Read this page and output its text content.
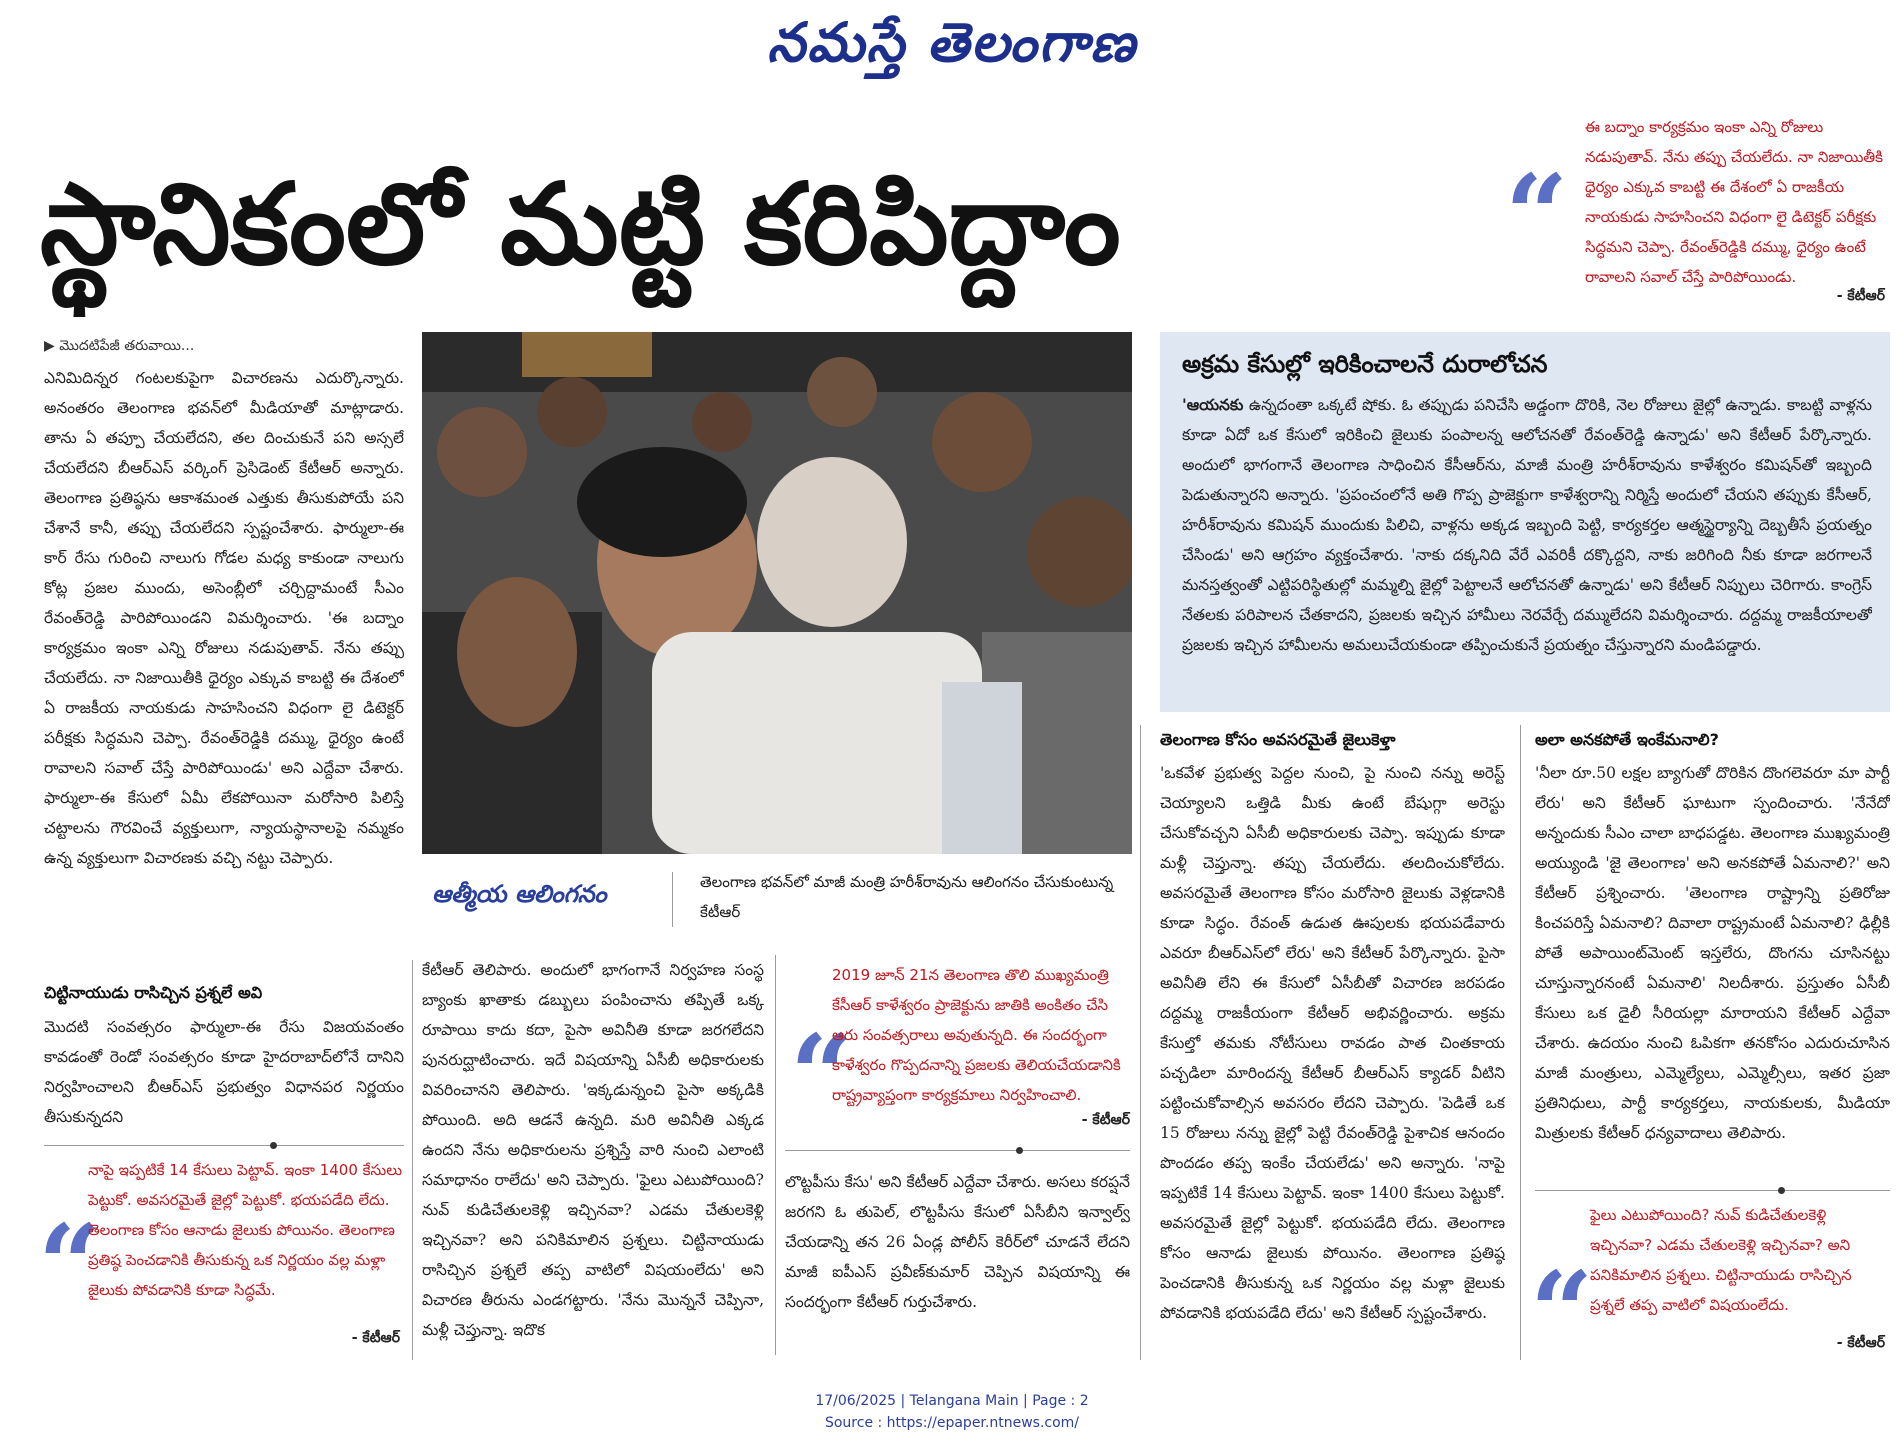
నమస్తే తెలంగాణ
స్థానికంలో మట్టి కరిపిద్దాం	“
ఈ బద్నాం కార్యక్రమం ఇంకా ఎన్ని రోజులు నడుపుతావ్. నేను తప్పు చేయలేదు. నా నిజాయితీకి ధైర్యం ఎక్కువ కాబట్టి ఈ దేశంలో ఏ రాజకీయ నాయకుడు సాహసించని విధంగా లై డిటెక్టర్ పరీక్షకు సిద్ధమని చెప్పా. రేవంత్‌రెడ్డికి దమ్ము, ధైర్యం ఉంటే రావాలని సవాల్ చేస్తే పారిపోయిండు.
- కేటీఆర్
▶ మొదటిపేజీ తరువాయి...
ఎనిమిదిన్నర గంటలకుపైగా విచారణను ఎదుర్కొన్నారు. అనంతరం తెలంగాణ భవన్‌లో మీడియాతో మాట్లాడారు. తాను ఏ తప్పూ చేయలేదని, తల దించుకునే పని అస్సలే చేయలేదని బీఆర్‌ఎస్ వర్కింగ్ ప్రెసిడెంట్ కేటీఆర్ అన్నారు. తెలంగాణ ప్రతిష్ఠను ఆకాశమంత ఎత్తుకు తీసుకుపోయే పని చేశానే కానీ, తప్పు చేయలేదని స్పష్టంచేశారు. ఫార్ములా-ఈ కార్ రేసు గురించి నాలుగు గోడల మధ్య కాకుండా నాలుగు కోట్ల ప్రజల ముందు, అసెంబ్లీలో చర్చిద్దామంటే సీఎం రేవంత్‌రెడ్డి పారిపోయిండని విమర్శించారు. 'ఈ బద్నాం కార్యక్రమం ఇంకా ఎన్ని రోజులు నడుపుతావ్. నేను తప్పు చేయలేదు. నా నిజాయితీకి ధైర్యం ఎక్కువ కాబట్టి ఈ దేశంలో ఏ రాజకీయ నాయకుడు సాహసించని విధంగా లై డిటెక్టర్ పరీక్షకు సిద్ధమని చెప్పా. రేవంత్‌రెడ్డికి దమ్ము, ధైర్యం ఉంటే రావాలని సవాల్ చేస్తే పారిపోయిండు' అని ఎద్దేవా చేశారు. ఫార్ములా-ఈ కేసులో ఏమీ లేకపోయినా మరోసారి పిలిస్తే చట్టాలను గౌరవించే వ్యక్తులుగా, న్యాయస్థానాలపై నమ్మకం ఉన్న వ్యక్తులుగా విచారణకు వచ్చి నట్టు చెప్పారు.
చిట్టినాయుడు రాసిచ్చిన ప్రశ్నలే అవి
మొదటి సంవత్సరం ఫార్ములా-ఈ రేసు విజయవంతం కావడంతో రెండో సంవత్సరం కూడా హైదరాబాద్‌లోనే దానిని నిర్వహించాలని బీఆర్‌ఎస్ ప్రభుత్వం విధానపర నిర్ణయం తీసుకున్నదని
“
నాపై ఇప్పటికే 14 కేసులు పెట్టావ్. ఇంకా 1400 కేసులు పెట్టుకో. అవసరమైతే జైల్లో పెట్టుకో. భయపడేది లేదు. తెలంగాణ కోసం ఆనాడు జైలుకు పోయినం. తెలంగాణ ప్రతిష్ఠ పెంచడానికి తీసుకున్న ఒక నిర్ణయం వల్ల మళ్లా జైలుకు పోవడానికి కూడా సిద్ధమే.
- కేటీఆర్
ఆత్మీయ ఆలింగనం	తెలంగాణ భవన్‌లో మాజీ మంత్రి హరీశ్‌రావును ఆలింగనం చేసుకుంటున్న కేటీఆర్
కేటీఆర్ తెలిపారు. అందులో భాగంగానే నిర్వహణ సంస్థ బ్యాంకు ఖాతాకు డబ్బులు పంపించాను తప్పితే ఒక్క రూపాయి కాదు కదా, పైసా అవినీతి కూడా జరగలేదని పునరుద్ఘాటించారు. ఇదే విషయాన్ని ఏసీబీ అధికారులకు వివరించానని తెలిపారు. 'ఇక్కడున్నంచి పైసా అక్కడికి పోయింది. అది ఆడనే ఉన్నది. మరి అవినీతి ఎక్కడ ఉందని నేను అధికారులను ప్రశ్నిస్తే వారి నుంచి ఎలాంటి సమాధానం రాలేదు' అని చెప్పారు. 'ఫైలు ఎటుపోయింది? నువ్ కుడిచేతులకెళ్లి ఇచ్చినవా? ఎడమ చేతులకెళ్లి ఇచ్చినవా? అని పనికిమాలిన ప్రశ్నలు. చిట్టినాయుడు రాసిచ్చిన ప్రశ్నలే తప్ప వాటిలో విషయంలేదు' అని విచారణ తీరును ఎండగట్టారు. 'నేను మొన్ననే చెప్పినా, మళ్లీ చెప్తున్నా. ఇదొక
“
2019 జూన్ 21న తెలంగాణ తొలి ముఖ్యమంత్రి కేసీఆర్ కాళేశ్వరం ప్రాజెక్టును జాతికి అంకితం చేసి ఆరు సంవత్సరాలు అవుతున్నది. ఈ సందర్భంగా కాళేశ్వరం గొప్పదనాన్ని ప్రజలకు తెలియచేయడానికి రాష్ట్రవ్యాప్తంగా కార్యక్రమాలు నిర్వహించాలి.
- కేటీఆర్
లొట్టపీసు కేసు' అని కేటీఆర్ ఎద్దేవా చేశారు. అసలు కరప్షనే జరగని ఓ తుపెల్, లొట్టపీసు కేసులో ఏసీబీని ఇన్వాల్వ్ చేయడాన్ని తన 26 ఏండ్ల పోలీస్ కెరీర్‌లో చూడనే లేదని మాజీ ఐపీఎస్ ప్రవీణ్‌కుమార్ చెప్పిన విషయాన్ని ఈ సందర్భంగా కేటీఆర్ గుర్తుచేశారు.
అక్రమ కేసుల్లో ఇరికించాలనే దురాలోచన
'ఆయనకు ఉన్నదంతా ఒక్కటే షోకు. ఓ తప్పుడు పనిచేసి అడ్డంగా దొరికి, నెల రోజులు జైల్లో ఉన్నాడు. కాబట్టి వాళ్లను కూడా ఏదో ఒక కేసులో ఇరికించి జైలుకు పంపాలన్న ఆలోచనతో రేవంత్‌రెడ్డి ఉన్నాడు' అని కేటీఆర్ పేర్కొన్నారు. అందులో భాగంగానే తెలంగాణ సాధించిన కేసీఆర్‌ను, మాజీ మంత్రి హరీశ్‌రావును కాళేశ్వరం కమిషన్‌తో ఇబ్బంది పెడుతున్నారని అన్నారు. 'ప్రపంచంలోనే అతి గొప్ప ప్రాజెక్టుగా కాళేశ్వరాన్ని నిర్మిస్తే అందులో చేయని తప్పుకు కేసీఆర్, హరీశ్‌రావును కమిషన్ ముందుకు పిలిచి, వాళ్లను అక్కడ ఇబ్బంది పెట్టి, కార్యకర్తల ఆత్మస్థైర్యాన్ని దెబ్బతీసే ప్రయత్నం చేసిండు' అని ఆగ్రహం వ్యక్తంచేశారు. 'నాకు దక్కనిది వేరే ఎవరికీ దక్కొద్దని, నాకు జరిగింది నీకు కూడా జరగాలనే మనస్తత్వంతో ఎట్టిపరిస్థితుల్లో మమ్మల్ని జైల్లో పెట్టాలనే ఆలోచనతో ఉన్నాడు' అని కేటీఆర్ నిప్పులు చెరిగారు. కాంగ్రెస్ నేతలకు పరిపాలన చేతకాదని, ప్రజలకు ఇచ్చిన హామీలు నెరవేర్చే దమ్ములేదని విమర్శించారు. దద్దమ్మ రాజకీయాలతో ప్రజలకు ఇచ్చిన హామీలను అమలుచేయకుండా తప్పించుకునే ప్రయత్నం చేస్తున్నారని మండిపడ్డారు.
తెలంగాణ కోసం అవసరమైతే జైలుకెళ్తా
'ఒకవేళ ప్రభుత్వ పెద్దల నుంచి, పై నుంచి నన్ను అరెస్ట్ చెయ్యాలని ఒత్తిడి మీకు ఉంటే బేషుగ్గా అరెస్టు చేసుకోవచ్చని ఏసీబీ అధికారులకు చెప్పా. ఇప్పుడు కూడా మళ్లీ చెప్తున్నా. తప్పు చేయలేదు. తలదించుకోలేదు. అవసరమైతే తెలంగాణ కోసం మరోసారి జైలుకు వెళ్లడానికి కూడా సిద్ధం. రేవంత్ ఉడుత ఊపులకు భయపడేవారు ఎవరూ బీఆర్‌ఎస్‌లో లేరు' అని కేటీఆర్ పేర్కొన్నారు. పైసా అవినీతి లేని ఈ కేసులో ఏసీబీతో విచారణ జరపడం దద్దమ్మ రాజకీయంగా కేటీఆర్ అభివర్ణించారు. అక్రమ కేసుల్తో తమకు నోటీసులు రావడం పాత చింతకాయ పచ్చడిలా మారిందన్న కేటీఆర్ బీఆర్‌ఎస్ క్యాడర్ వీటిని పట్టించుకోవాల్సిన అవసరం లేదని చెప్పారు. 'పెడితే ఒక 15 రోజులు నన్ను జైల్లో పెట్టి రేవంత్‌రెడ్డి పైశాచిక ఆనందం పొందడం తప్ప ఇంకేం చేయలేడు' అని అన్నారు. 'నాపై ఇప్పటికే 14 కేసులు పెట్టావ్. ఇంకా 1400 కేసులు పెట్టుకో. అవసరమైతే జైల్లో పెట్టుకో. భయపడేది లేదు. తెలంగాణ కోసం ఆనాడు జైలుకు పోయినం. తెలంగాణ ప్రతిష్ఠ పెంచడానికి తీసుకున్న ఒక నిర్ణయం వల్ల మళ్లా జైలుకు పోవడానికి భయపడేది లేదు' అని కేటీఆర్ స్పష్టంచేశారు.
అలా అనకపోతే ఇంకేమనాలి?
'నీలా రూ.50 లక్షల బ్యాగుతో దొరికిన దొంగలెవరూ మా పార్టీ లేరు' అని కేటీఆర్ ఘాటుగా స్పందించారు. 'నేనేదో అన్నందుకు సీఎం చాలా బాధపడ్డట. తెలంగాణ ముఖ్యమంత్రి అయ్యుండి 'జై తెలంగాణ' అని అనకపోతే ఏమనాలి?' అని కేటీఆర్ ప్రశ్నించారు. 'తెలంగాణ రాష్ట్రాన్ని ప్రతిరోజు కించపరిస్తే ఏమనాలి? దివాలా రాష్ట్రమంటే ఏమనాలి? ఢిల్లీకి పోతే అపాయింట్‌మెంట్ ఇస్తలేరు, దొంగను చూసినట్టు చూస్తున్నారనంటే ఏమనాలి' నిలదీశారు. ప్రస్తుతం ఏసీబీ కేసులు ఒక డైలీ సీరియల్లా మారాయని కేటీఆర్ ఎద్దేవా చేశారు. ఉదయం నుంచి ఓపికగా తనకోసం ఎదురుచూసిన మాజీ మంత్రులు, ఎమ్మెల్యేలు, ఎమ్మెల్సీలు, ఇతర ప్రజా ప్రతినిధులు, పార్టీ కార్యకర్తలు, నాయకులకు, మీడియా మిత్రులకు కేటీఆర్ ధన్యవాదాలు తెలిపారు.
“
ఫైలు ఎటుపోయింది? నువ్ కుడిచేతులకెళ్లి ఇచ్చినవా? ఎడమ చేతులకెళ్లి ఇచ్చినవా? అని పనికిమాలిన ప్రశ్నలు. చిట్టినాయుడు రాసిచ్చిన ప్రశ్నలే తప్ప వాటిలో విషయంలేదు.
- కేటీఆర్
17/06/2025 | Telangana Main | Page : 2
Source : https://epaper.ntnews.com/
